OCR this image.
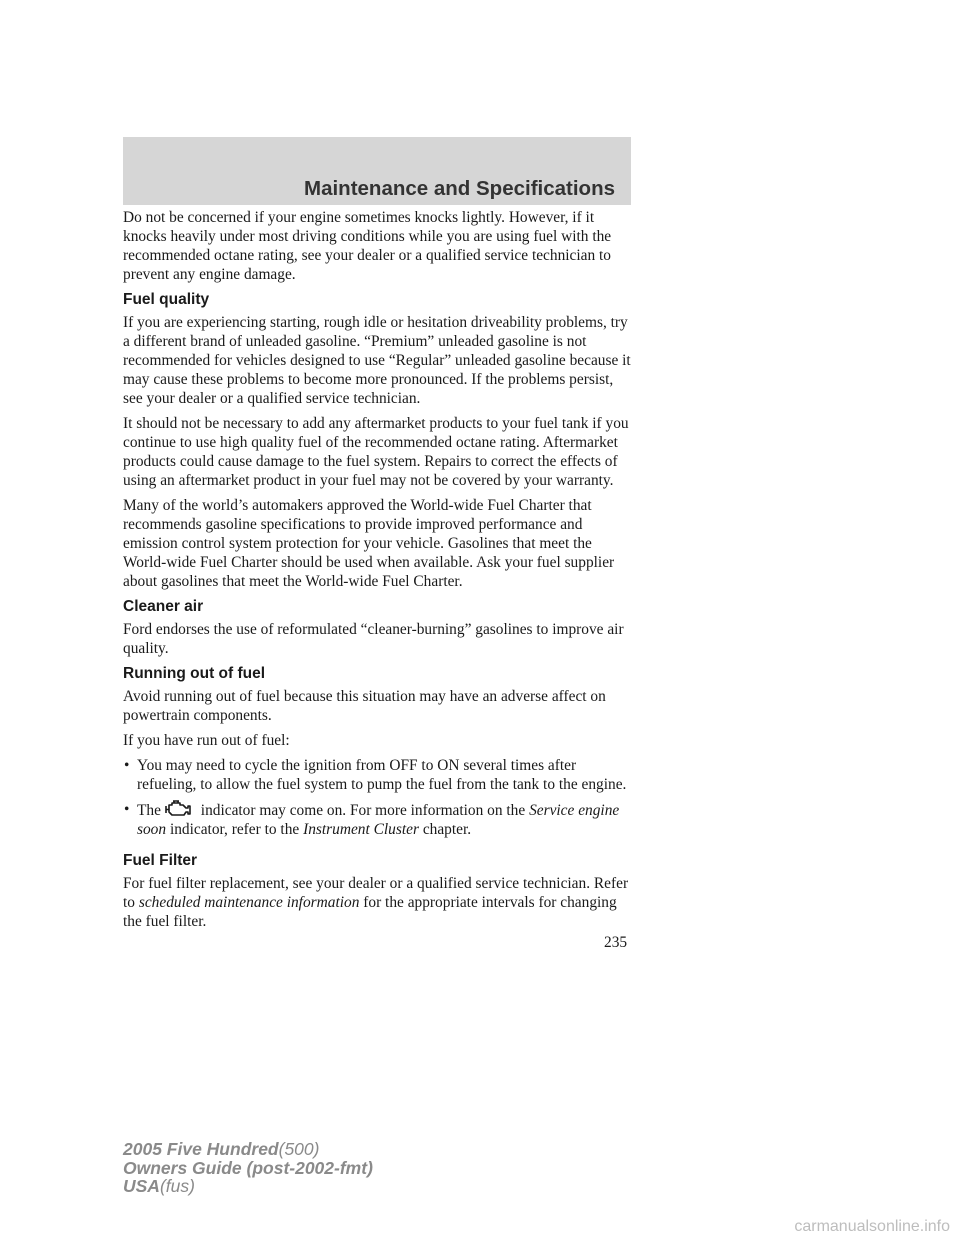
Maintenance and Specifications

Do not be concerned if your engine sometimes knocks lightly. However, if it knocks heavily under most driving conditions while you are using fuel with the recommended octane rating, see your dealer or a qualified service technician to prevent any engine damage.

Fuel quality

If you are experiencing starting, rough idle or hesitation driveability problems, try a different brand of unleaded gasoline. “Premium” unleaded gasoline is not recommended for vehicles designed to use “Regular” unleaded gasoline because it may cause these problems to become more pronounced. If the problems persist, see your dealer or a qualified service technician.

It should not be necessary to add any aftermarket products to your fuel tank if you continue to use high quality fuel of the recommended octane rating. Aftermarket products could cause damage to the fuel system. Repairs to correct the effects of using an aftermarket product in your fuel may not be covered by your warranty.

Many of the world’s automakers approved the World-wide Fuel Charter that recommends gasoline specifications to provide improved performance and emission control system protection for your vehicle. Gasolines that meet the World-wide Fuel Charter should be used when available. Ask your fuel supplier about gasolines that meet the World-wide Fuel Charter.

Cleaner air

Ford endorses the use of reformulated “cleaner-burning” gasolines to improve air quality.

Running out of fuel

Avoid running out of fuel because this situation may have an adverse affect on powertrain components.

If you have run out of fuel:

• You may need to cycle the ignition from OFF to ON several times after refueling, to allow the fuel system to pump the fuel from the tank to the engine.
• The	indicator may come on. For more information on the Service engine soon indicator, refer to the Instrument Cluster chapter.
Fuel Filter

For fuel filter replacement, see your dealer or a qualified service technician. Refer to scheduled maintenance information for the appropriate intervals for changing the fuel filter.

235
2005 Five Hundred(500)
Owners Guide (post-2002-fmt)
USA(fus)
carmanualsonline.info
